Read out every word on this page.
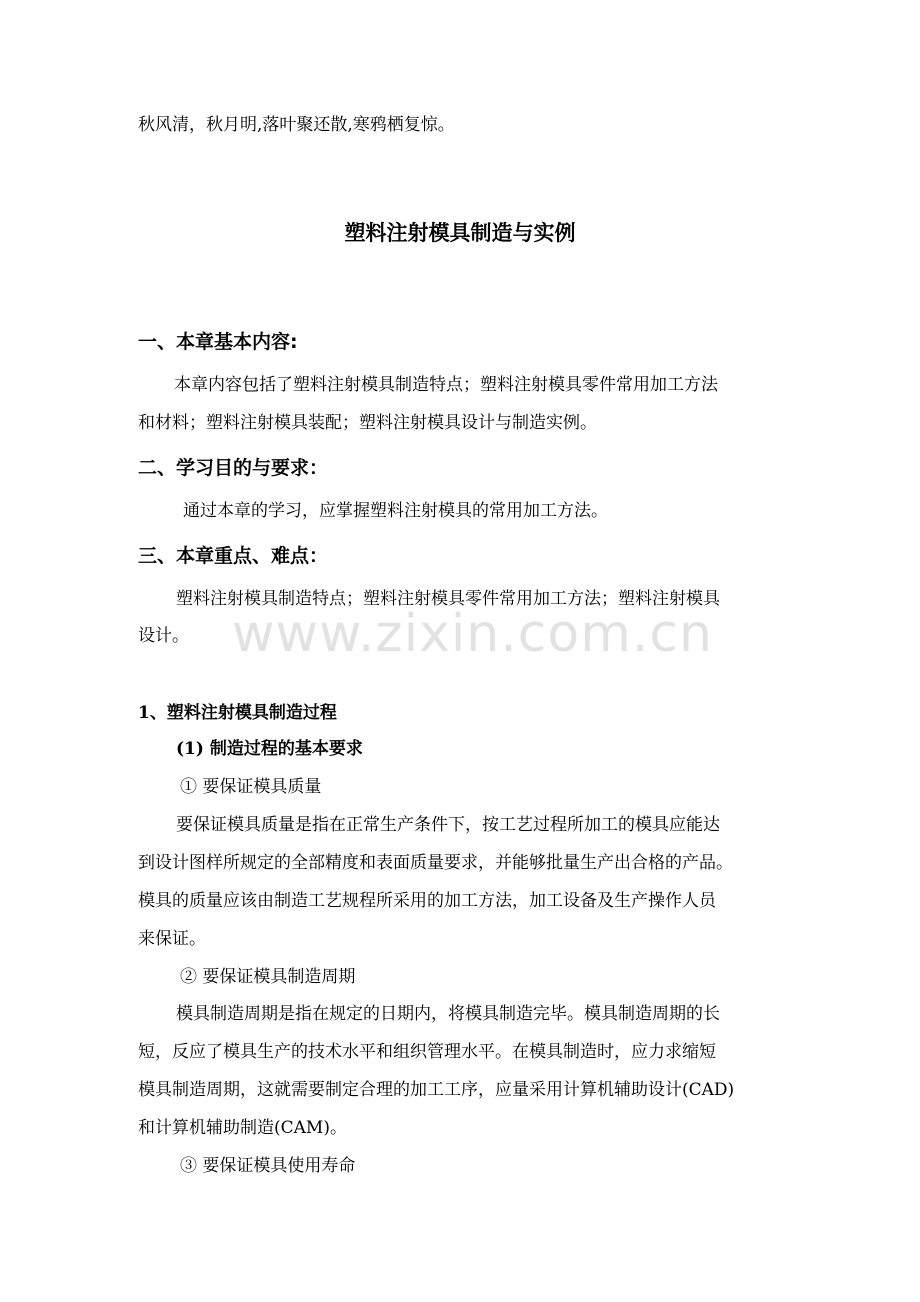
秋风清，秋月明,落叶聚还散,寒鸦栖复惊。
塑料注射模具制造与实例
一、本章基本内容:
本章内容包括了塑料注射模具制造特点；塑料注射模具零件常用加工方法
和材料；塑料注射模具装配；塑料注射模具设计与制造实例。
二、学习目的与要求：
通过本章的学习，应掌握塑料注射模具的常用加工方法。
三、本章重点、难点：
塑料注射模具制造特点；塑料注射模具零件常用加工方法；塑料注射模具
设计。
1、塑料注射模具制造过程
(1) 制造过程的基本要求
① 要保证模具质量
要保证模具质量是指在正常生产条件下，按工艺过程所加工的模具应能达
到设计图样所规定的全部精度和表面质量要求，并能够批量生产出合格的产品。
模具的质量应该由制造工艺规程所采用的加工方法，加工设备及生产操作人员
来保证。
② 要保证模具制造周期
模具制造周期是指在规定的日期内，将模具制造完毕。模具制造周期的长
短，反应了模具生产的技术水平和组织管理水平。在模具制造时，应力求缩短
模具制造周期，这就需要制定合理的加工工序，应量采用计算机辅助设计(CAD)
和计算机辅助制造(CAM)。
③ 要保证模具使用寿命
www.zixin.com.cn
